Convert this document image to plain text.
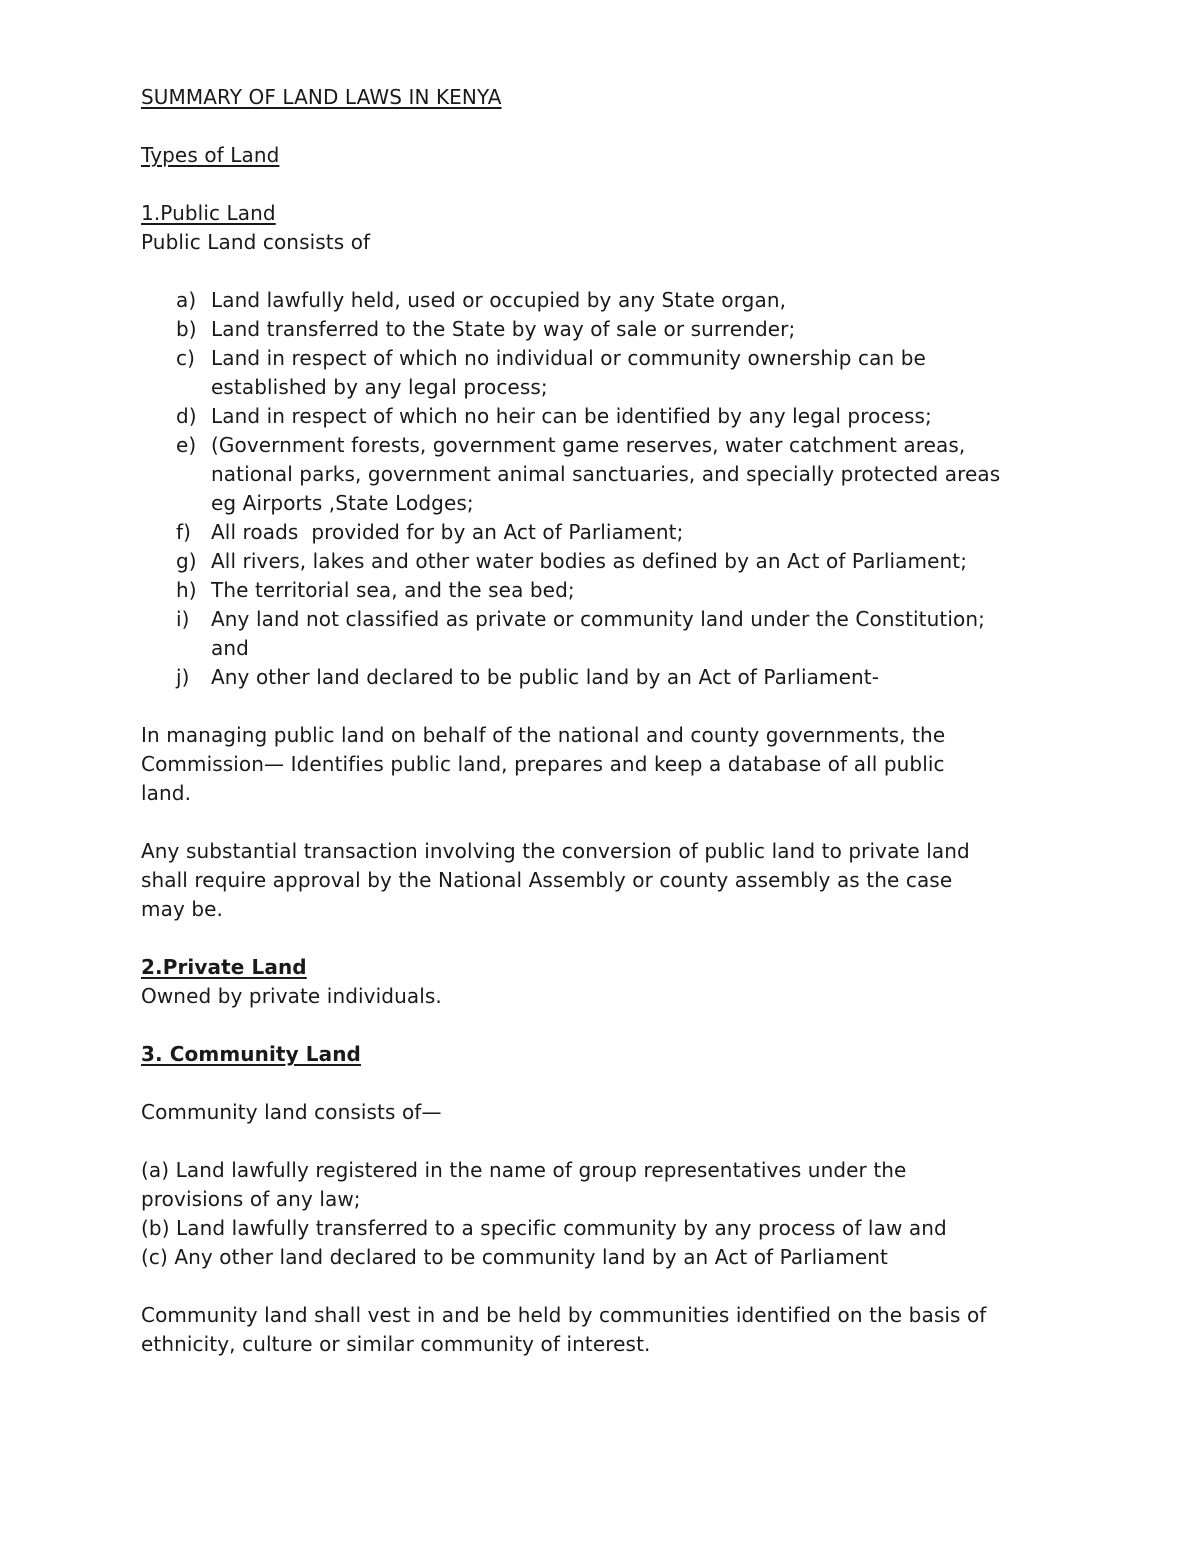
SUMMARY OF LAND LAWS IN KENYA

Types of Land

1.Public Land

Public Land consists of

a) Land lawfully held, used or occupied by any State organ,
b) Land transferred to the State by way of sale or surrender;
c) Land in respect of which no individual or community ownership can be
established by any legal process;
d) Land in respect of which no heir can be identified by any legal process;
e) (Government forests, government game reserves, water catchment areas,
national parks, government animal sanctuaries, and specially protected areas
eg Airports ,State Lodges;
f) All roads  provided for by an Act of Parliament;
g) All rivers, lakes and other water bodies as defined by an Act of Parliament;
h) The territorial sea, and the sea bed;
i) Any land not classified as private or community land under the Constitution;
and
j) Any other land declared to be public land by an Act of Parliament-

In managing public land on behalf of the national and county governments, the

Commission— Identifies public land, prepares and keep a database of all public

land.

Any substantial transaction involving the conversion of public land to private land

shall require approval by the National Assembly or county assembly as the case

may be.

2.Private Land

Owned by private individuals.

3. Community Land

Community land consists of—

(a) Land lawfully registered in the name of group representatives under the

provisions of any law;

(b) Land lawfully transferred to a specific community by any process of law and

(c) Any other land declared to be community land by an Act of Parliament

Community land shall vest in and be held by communities identified on the basis of

ethnicity, culture or similar community of interest.
